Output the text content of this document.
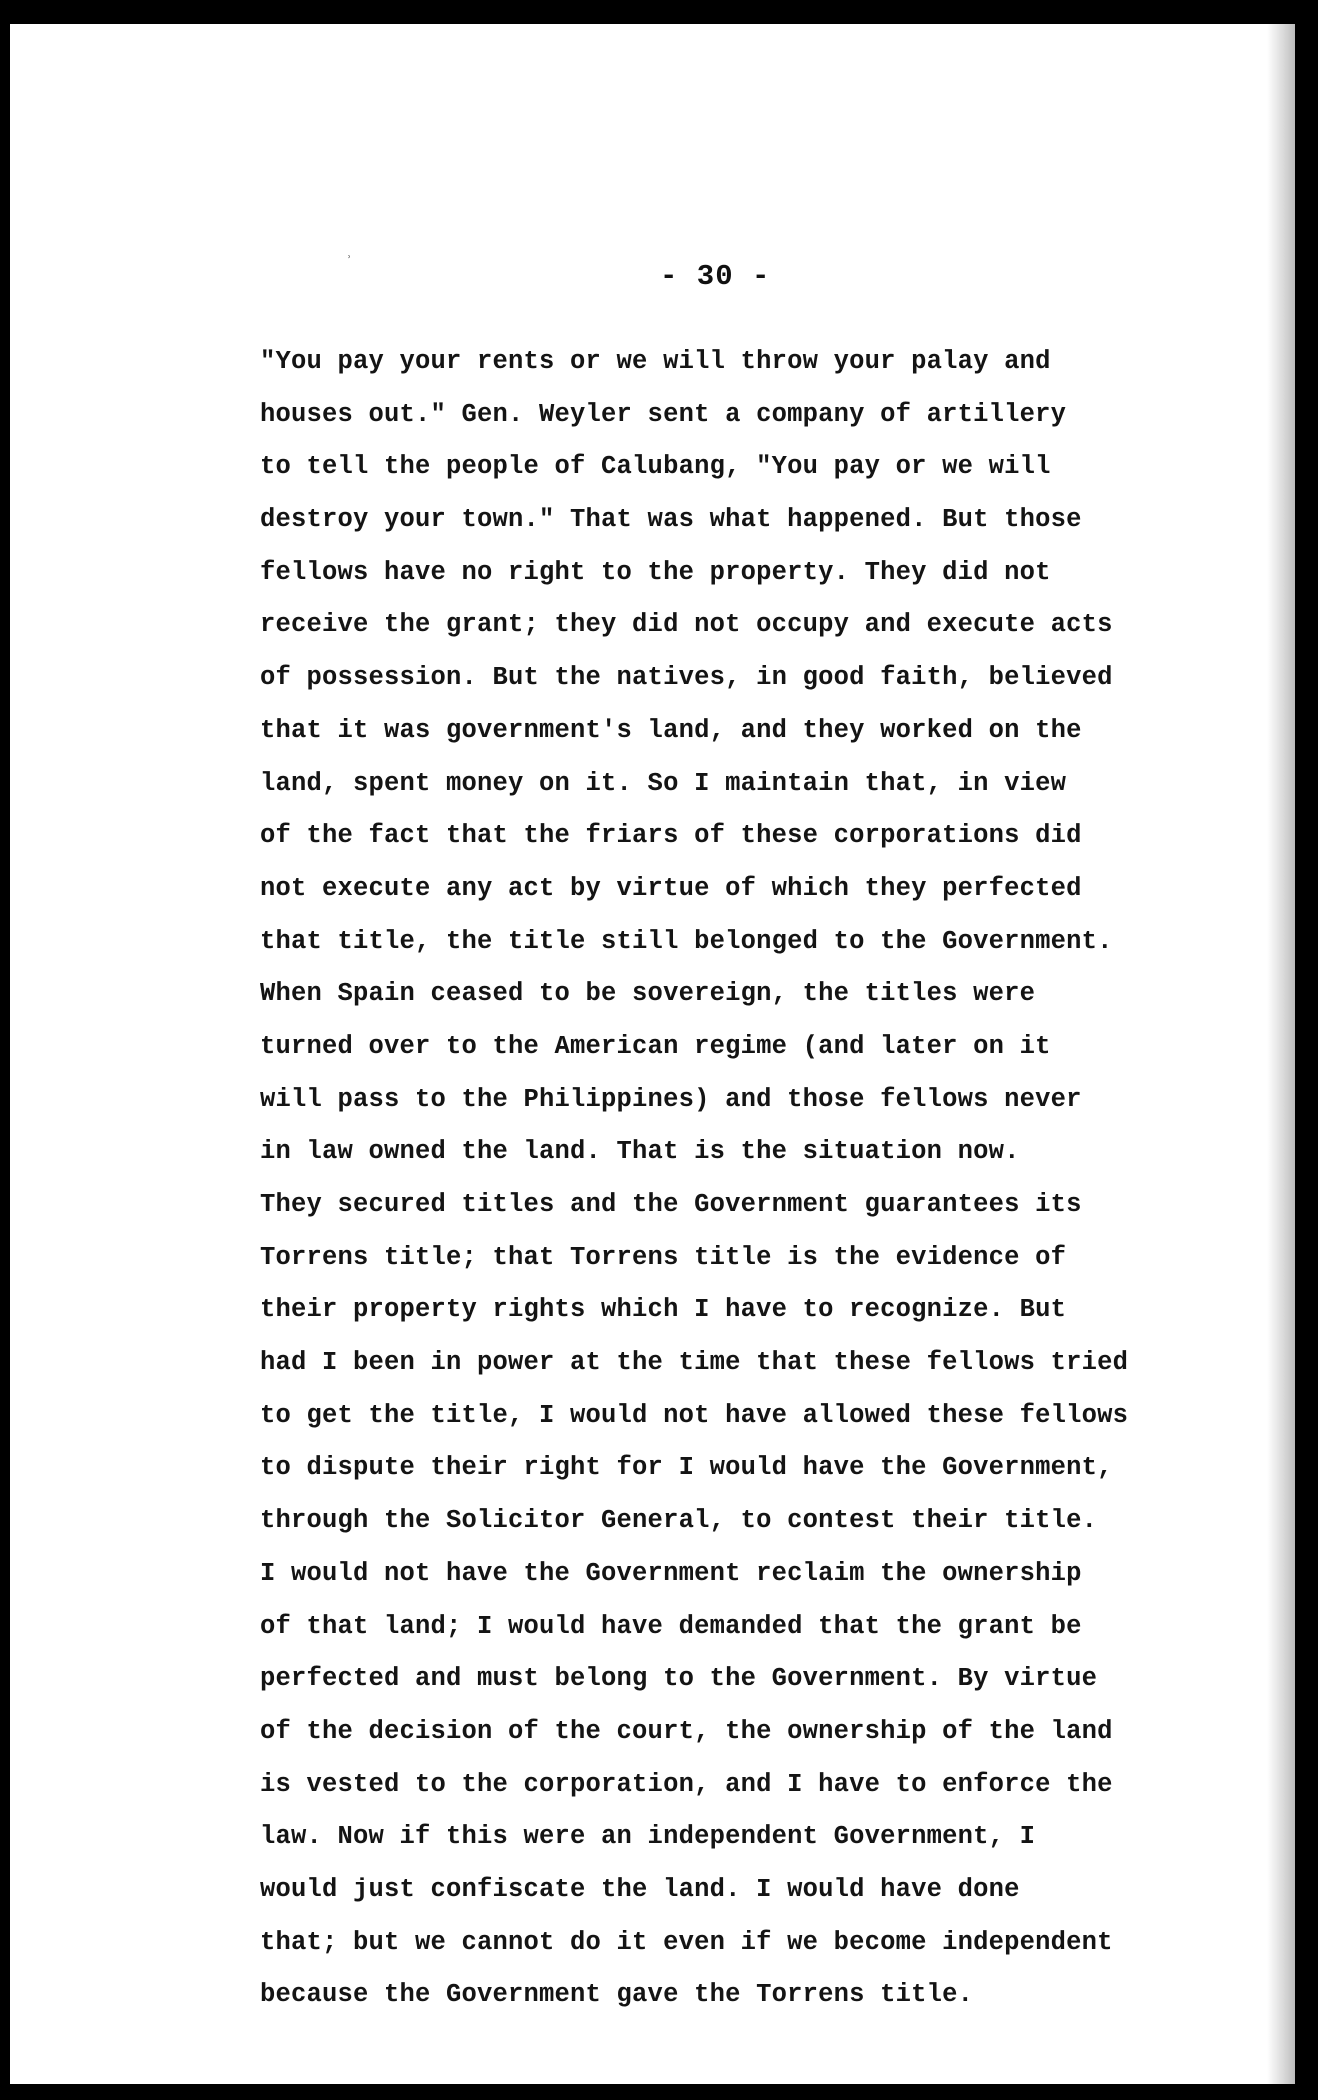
ʾ	- 30 -
"You pay your rents or we will throw your palay and
houses out." Gen. Weyler sent a company of artillery
to tell the people of Calubang, "You pay or we will
destroy your town." That was what happened. But those
fellows have no right to the property. They did not
receive the grant; they did not occupy and execute acts
of possession. But the natives, in good faith, believed
that it was government's land, and they worked on the
land, spent money on it. So I maintain that, in view
of the fact that the friars of these corporations did
not execute any act by virtue of which they perfected
that title, the title still belonged to the Government.
When Spain ceased to be sovereign, the titles were
turned over to the American regime (and later on it
will pass to the Philippines) and those fellows never
in law owned the land. That is the situation now.
They secured titles and the Government guarantees its
Torrens title; that Torrens title is the evidence of
their property rights which I have to recognize. But
had I been in power at the time that these fellows tried
to get the title, I would not have allowed these fellows
to dispute their right for I would have the Government,
through the Solicitor General, to contest their title.
I would not have the Government reclaim the ownership
of that land; I would have demanded that the grant be
perfected and must belong to the Government. By virtue
of the decision of the court, the ownership of the land
is vested to the corporation, and I have to enforce the
law. Now if this were an independent Government, I
would just confiscate the land. I would have done
that; but we cannot do it even if we become independent
because the Government gave the Torrens title.
